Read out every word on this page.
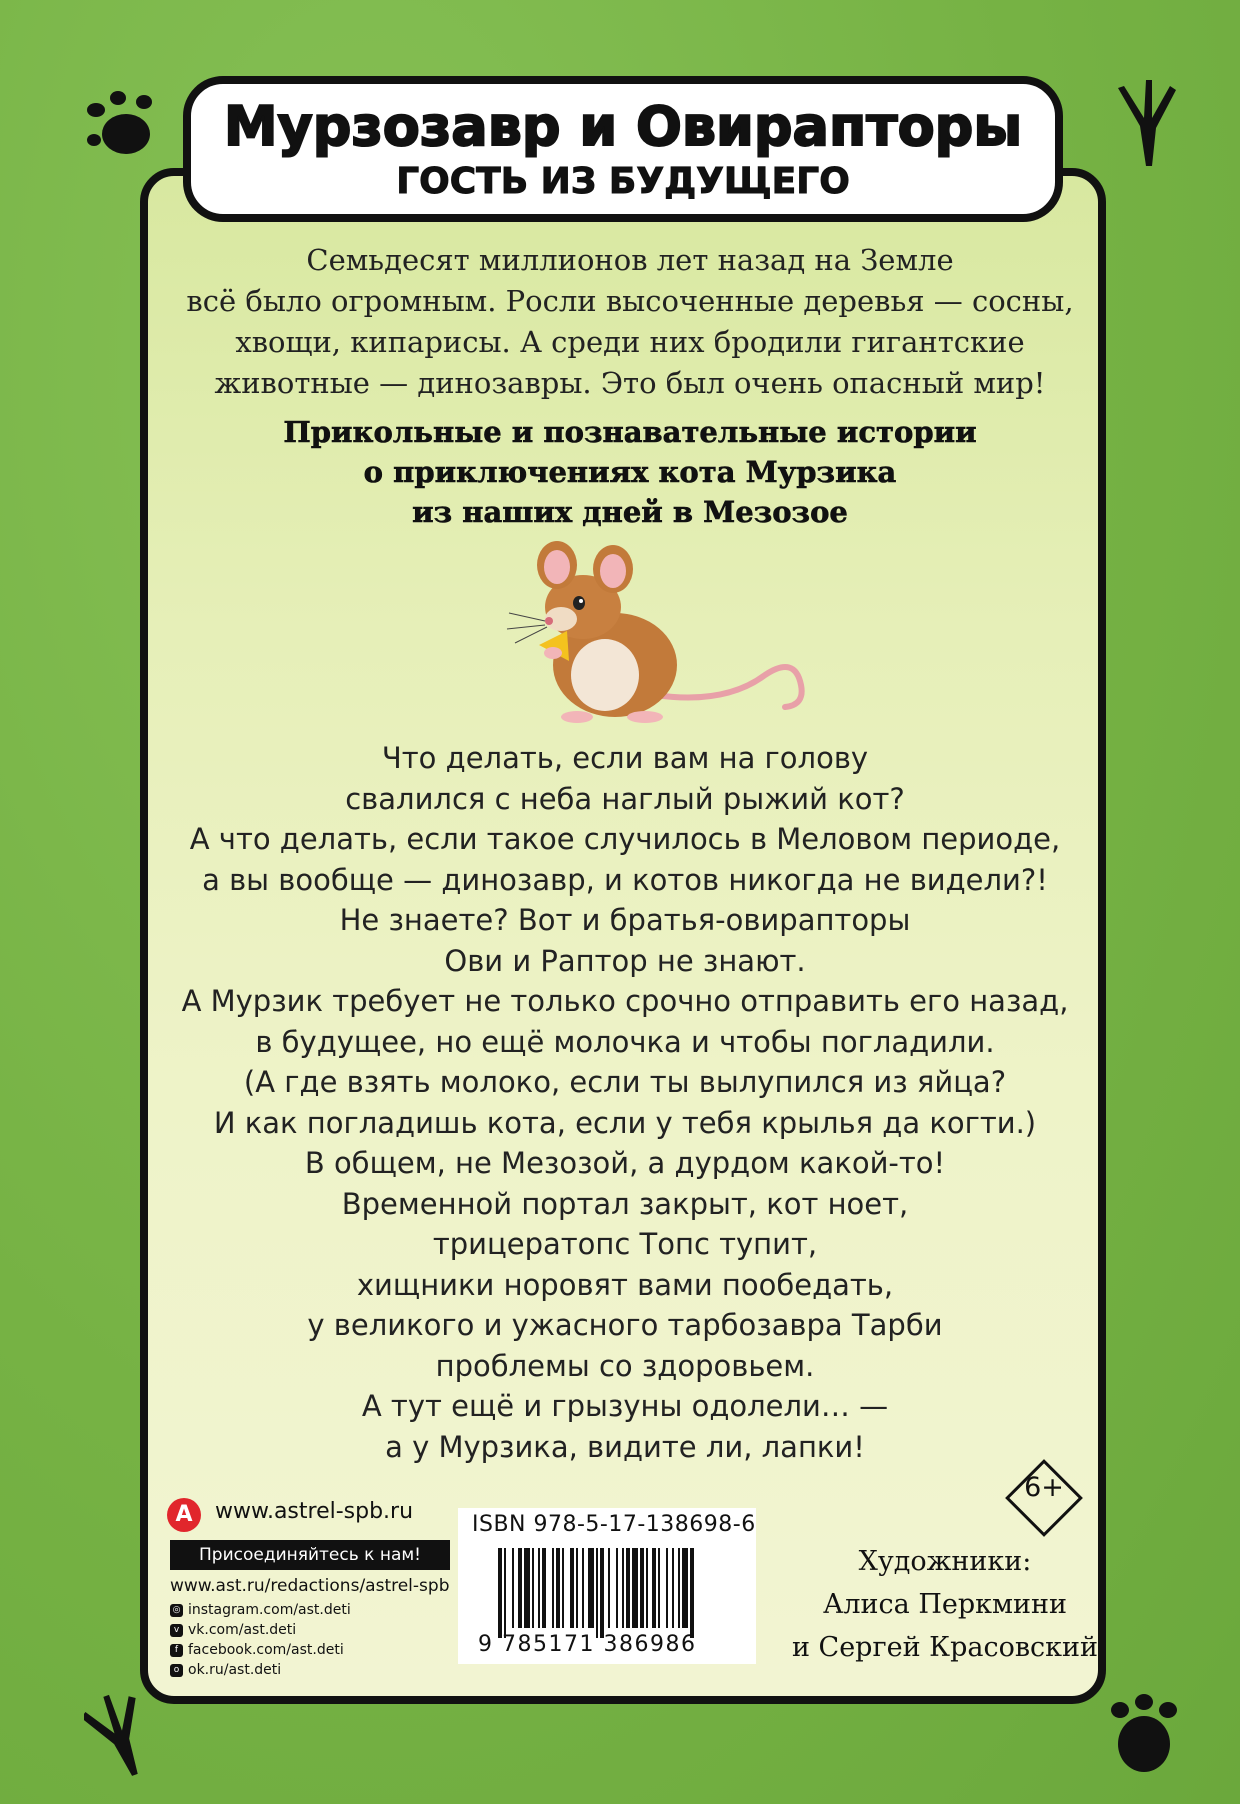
Мурзозавр и Овирапторы
ГОСТЬ ИЗ БУДУЩЕГО
Семьдесят миллионов лет назад на Земле
всё было огромным. Росли высоченные деревья — сосны,
хвощи, кипарисы. А среди них бродили гигантские
животные — динозавры. Это был очень опасный мир!
Прикольные и познавательные истории
о приключениях кота Мурзика
из наших дней в Мезозое
Что делать, если вам на голову
свалился с неба наглый рыжий кот?
А что делать, если такое случилось в Меловом периоде,
а вы вообще — динозавр, и котов никогда не видели?!
Не знаете? Вот и братья-овирапторы
Ови и Раптор не знают.
А Мурзик требует не только срочно отправить его назад,
в будущее, но ещё молочка и чтобы погладили.
(А где взять молоко, если ты вылупился из яйца?
И как погладишь кота, если у тебя крылья да когти.)
В общем, не Мезозой, а дурдом какой-то!
Временной портал закрыт, кот ноет,
трицератопс Топс тупит,
хищники норовят вами пообедать,
у великого и ужасного тарбозавра Тарби
проблемы со здоровьем.
А тут ещё и грызуны одолели… —
а у Мурзика, видите ли, лапки!
6+
А	www.astrel-spb.ru
Присоединяйтесь к нам!
www.ast.ru/redactions/astrel-spb
◎ instagram.com/ast.deti
v vk.com/ast.deti
f facebook.com/ast.deti
o ok.ru/ast.deti
ISBN 978-5-17-138698-6
9 785171 386986
Художники:
Алиса Перкмини
и Сергей Красовский
